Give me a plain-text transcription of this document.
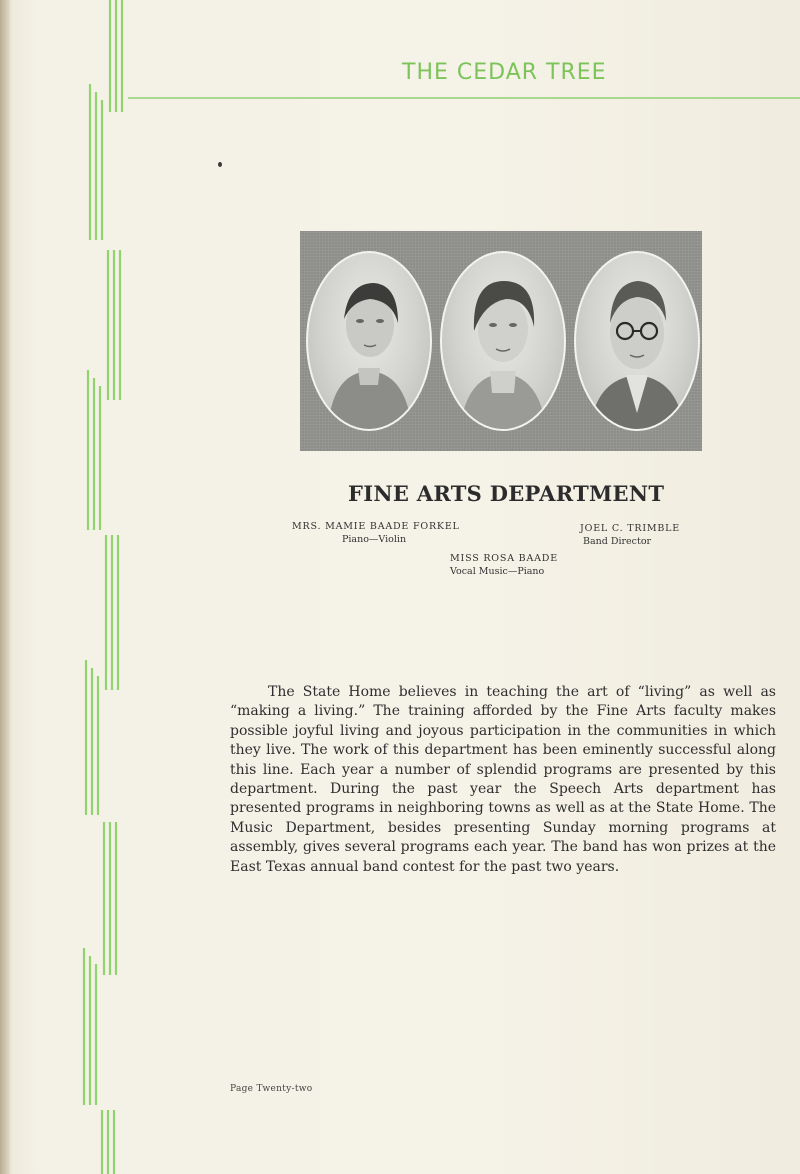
THE CEDAR TREE
FINE ARTS DEPARTMENT
MRS. MAMIE BAADE FORKEL
Piano—Violin
MISS ROSA BAADE
Vocal Music—Piano
JOEL C. TRIMBLE
Band Director

The State Home believes in teaching the art of “living” as well as “making a living.” The training afforded by the Fine Arts faculty makes possible joyful living and joyous participation in the communities in which they live. The work of this department has been eminently successful along this line. Each year a number of splendid programs are presented by this department. During the past year the Speech Arts department has presented programs in neighboring towns as well as at the State Home. The Music Department, besides presenting Sunday morning programs at assembly, gives several programs each year. The band has won prizes at the East Texas annual band contest for the past two years.

Page Twenty-two
